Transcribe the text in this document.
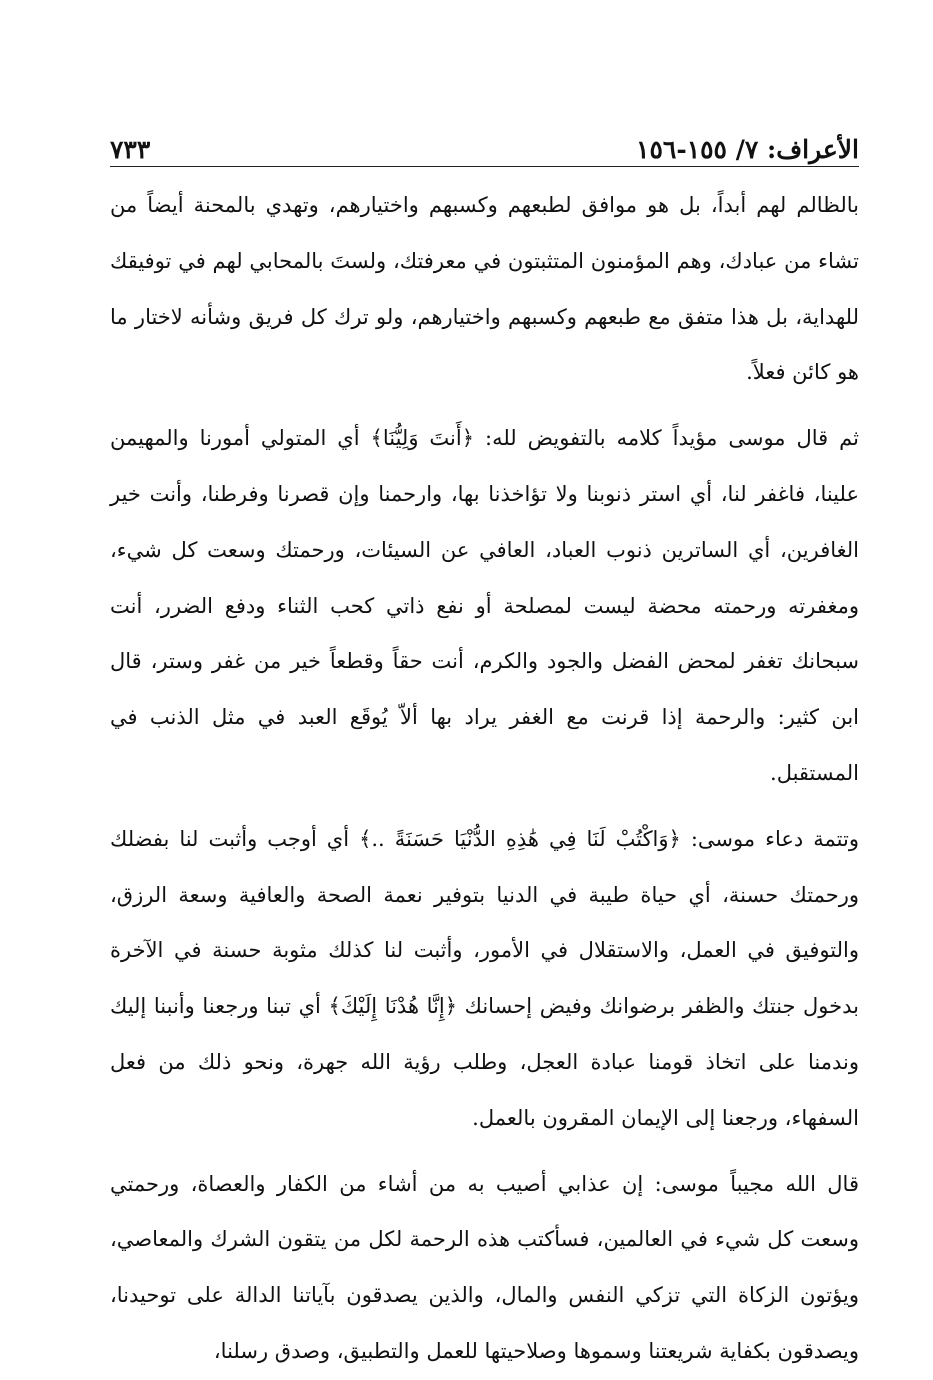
الأعراف: ٧/ ١٥٥-١٥٦
٧٣٣

بالظالم لهم أبداً، بل هو موافق لطبعهم وكسبهم واختيارهم، وتهدي بالمحنة أيضاً من تشاء من عبادك، وهم المؤمنون المتثبتون في معرفتك، ولستَ بالمحابي لهم في توفيقك للهداية، بل هذا متفق مع طبعهم وكسبهم واختيارهم، ولو ترك كل فريق وشأنه لاختار ما هو كائن فعلاً.

ثم قال موسى مؤيداً كلامه بالتفويض لله: ﴿أَنتَ وَلِيُّنَا﴾ أي المتولي أمورنا والمهيمن علينا، فاغفر لنا، أي استر ذنوبنا ولا تؤاخذنا بها، وارحمنا وإن قصرنا وفرطنا، وأنت خير الغافرين، أي الساترين ذنوب العباد، العافي عن السيئات، ورحمتك وسعت كل شيء، ومغفرته ورحمته محضة ليست لمصلحة أو نفع ذاتي كحب الثناء ودفع الضرر، أنت سبحانك تغفر لمحض الفضل والجود والكرم، أنت حقاً وقطعاً خير من غفر وستر، قال ابن كثير: والرحمة إذا قرنت مع الغفر يراد بها ألاّ يُوقَع العبد في مثل الذنب في المستقبل.

وتتمة دعاء موسى: ﴿وَاكْتُبْ لَنَا فِي هَٰذِهِ الدُّنْيَا حَسَنَةً ..﴾ أي أوجب وأثبت لنا بفضلك ورحمتك حسنة، أي حياة طيبة في الدنيا بتوفير نعمة الصحة والعافية وسعة الرزق، والتوفيق في العمل، والاستقلال في الأمور، وأثبت لنا كذلك مثوبة حسنة في الآخرة بدخول جنتك والظفر برضوانك وفيض إحسانك ﴿إِنَّا هُدْنَا إِلَيْكَ﴾ أي تبنا ورجعنا وأنبنا إليك وندمنا على اتخاذ قومنا عبادة العجل، وطلب رؤية الله جهرة، ونحو ذلك من فعل السفهاء، ورجعنا إلى الإيمان المقرون بالعمل.

قال الله مجيباً موسى: إن عذابي أصيب به من أشاء من الكفار والعصاة، ورحمتي وسعت كل شيء في العالمين، فسأكتب هذه الرحمة لكل من يتقون الشرك والمعاصي، ويؤتون الزكاة التي تزكي النفس والمال، والذين يصدقون بآياتنا الدالة على توحيدنا، ويصدقون بكفاية شريعتنا وسموها وصلاحيتها للعمل والتطبيق، وصدق رسلنا،
